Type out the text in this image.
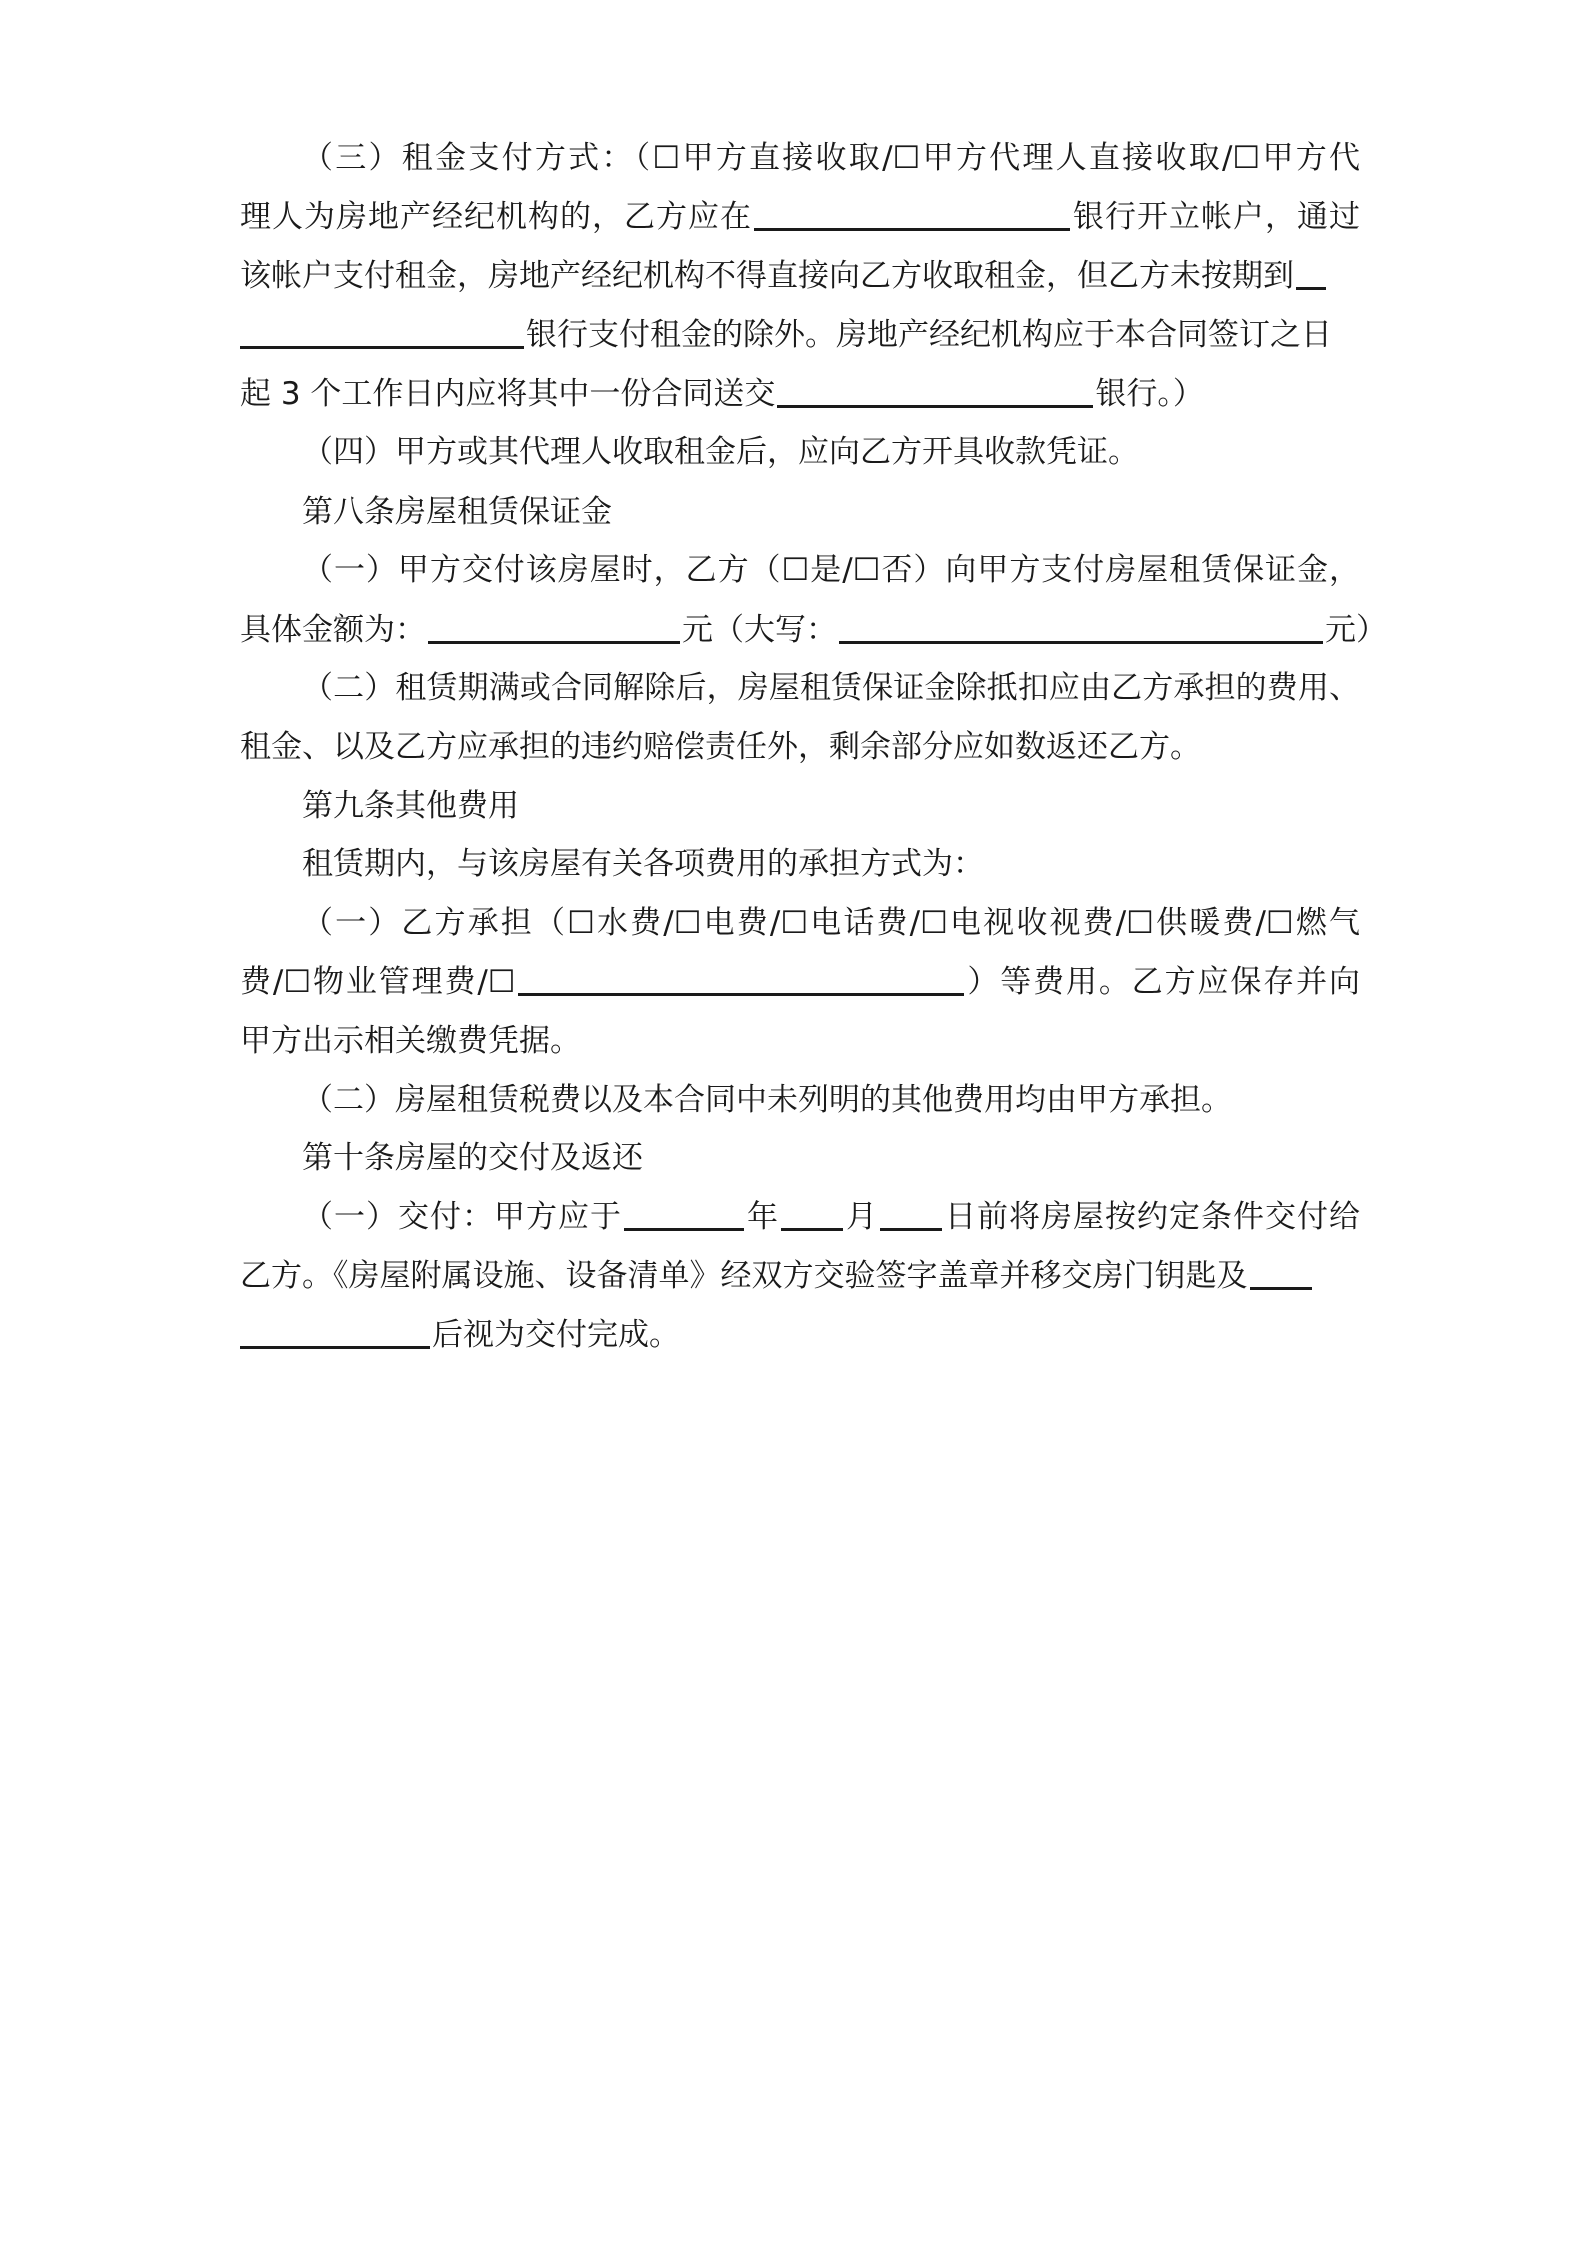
（三）租金支付方式：（☐甲方直接收取/☐甲方代理人直接收取/☐甲方代
理人为房地产经纪机构的，乙方应在	银行开立帐户，通过
该帐户支付租金，房地产经纪机构不得直接向乙方收取租金，但乙方未按期到
银行支付租金的除外。房地产经纪机构应于本合同签订之日
起 3 个工作日内应将其中一份合同送交	银行。）
（四）甲方或其代理人收取租金后，应向乙方开具收款凭证。
第八条房屋租赁保证金
（一）甲方交付该房屋时，乙方（☐是/☐否）向甲方支付房屋租赁保证金，
具体金额为：	元（大写：	元）
（二）租赁期满或合同解除后，房屋租赁保证金除抵扣应由乙方承担的费用、
租金、以及乙方应承担的违约赔偿责任外，剩余部分应如数返还乙方。
第九条其他费用
租赁期内，与该房屋有关各项费用的承担方式为：
（一）乙方承担（☐水费/☐电费/☐电话费/☐电视收视费/☐供暖费/☐燃气
费/☐物业管理费/☐	）等费用。乙方应保存并向
甲方出示相关缴费凭据。
（二）房屋租赁税费以及本合同中未列明的其他费用均由甲方承担。
第十条房屋的交付及返还
（一）交付：甲方应于	年 月 日前将房屋按约定条件交付给
乙方。《房屋附属设施、设备清单》经双方交验签字盖章并移交房门钥匙及
后视为交付完成。
